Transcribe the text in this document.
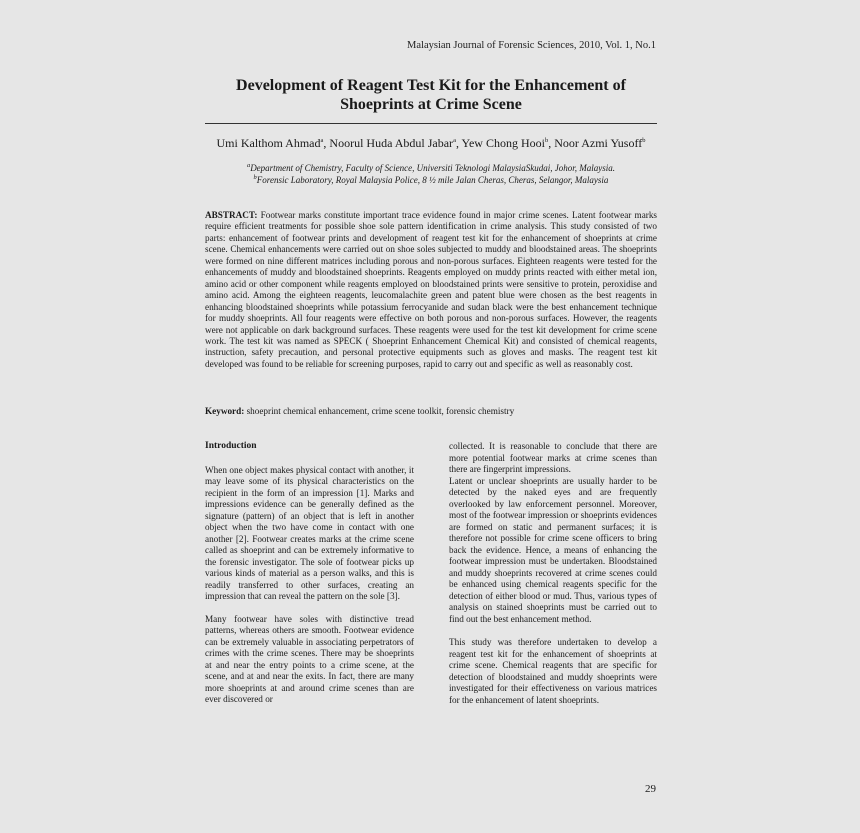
Malaysian Journal of Forensic Sciences, 2010, Vol. 1, No.1
Development of Reagent Test Kit for the Enhancement of Shoeprints at Crime Scene
Umi Kalthom Ahmad$^a$, Noorul Huda Abdul Jabar$^a$, Yew Chong Hooi$^b$, Noor Azmi Yusoff$^b$
$^a$Department of Chemistry, Faculty of Science, Universiti Teknologi MalaysiaSkudai, Johor, Malaysia.
$^b$Forensic Laboratory, Royal Malaysia Police, 8 ½ mile Jalan Cheras, Cheras, Selangor, Malaysia
ABSTRACT: Footwear marks constitute important trace evidence found in major crime scenes. Latent footwear marks require efficient treatments for possible shoe sole pattern identification in crime analysis. This study consisted of two parts: enhancement of footwear prints and development of reagent test kit for the enhancement of shoeprints at crime scene. Chemical enhancements were carried out on shoe soles subjected to muddy and bloodstained areas. The shoeprints were formed on nine different matrices including porous and non-porous surfaces. Eighteen reagents were tested for the enhancements of muddy and bloodstained shoeprints. Reagents employed on muddy prints reacted with either metal ion, amino acid or other component while reagents employed on bloodstained prints were sensitive to protein, peroxidise and amino acid. Among the eighteen reagents, leucomalachite green and patent blue were chosen as the best reagents in enhancing bloodstained shoeprints while potassium ferrocyanide and sudan black were the best enhancement technique for muddy shoeprints. All four reagents were effective on both porous and non-porous surfaces. However, the reagents were not applicable on dark background surfaces. These reagents were used for the test kit development for crime scene work. The test kit was named as SPECK ( Shoeprint Enhancement Chemical Kit) and consisted of chemical reagents, instruction, safety precaution, and personal protective equipments such as gloves and masks. The reagent test kit developed was found to be reliable for screening purposes, rapid to carry out and specific as well as reasonably cost.
Keyword: shoeprint chemical enhancement, crime scene toolkit, forensic chemistry

Introduction

When one object makes physical contact with another, it may leave some of its physical characteristics on the recipient in the form of an impression [1]. Marks and impressions evidence can be generally defined as the signature (pattern) of an object that is left in another object when the two have come in contact with one another [2]. Footwear creates marks at the crime scene called as shoeprint and can be extremely informative to the forensic investigator. The sole of footwear picks up various kinds of material as a person walks, and this is readily transferred to other surfaces, creating an impression that can reveal the pattern on the sole [3].

Many footwear have soles with distinctive tread patterns, whereas others are smooth. Footwear evidence can be extremely valuable in associating perpetrators of crimes with the crime scenes. There may be shoeprints at and near the entry points to a crime scene, at the scene, and at and near the exits. In fact, there are many more shoeprints at and around crime scenes than are ever discovered or

collected. It is reasonable to conclude that there are more potential footwear marks at crime scenes than there are fingerprint impressions.

Latent or unclear shoeprints are usually harder to be detected by the naked eyes and are frequently overlooked by law enforcement personnel. Moreover, most of the footwear impression or shoeprints evidences are formed on static and permanent surfaces; it is therefore not possible for crime scene officers to bring back the evidence. Hence, a means of enhancing the footwear impression must be undertaken. Bloodstained and muddy shoeprints recovered at crime scenes could be enhanced using chemical reagents specific for the detection of either blood or mud. Thus, various types of analysis on stained shoeprints must be carried out to find out the best enhancement method.

This study was therefore undertaken to develop a reagent test kit for the enhancement of shoeprints at crime scene. Chemical reagents that are specific for detection of bloodstained and muddy shoeprints were investigated for their effectiveness on various matrices for the enhancement of latent shoeprints.

29
